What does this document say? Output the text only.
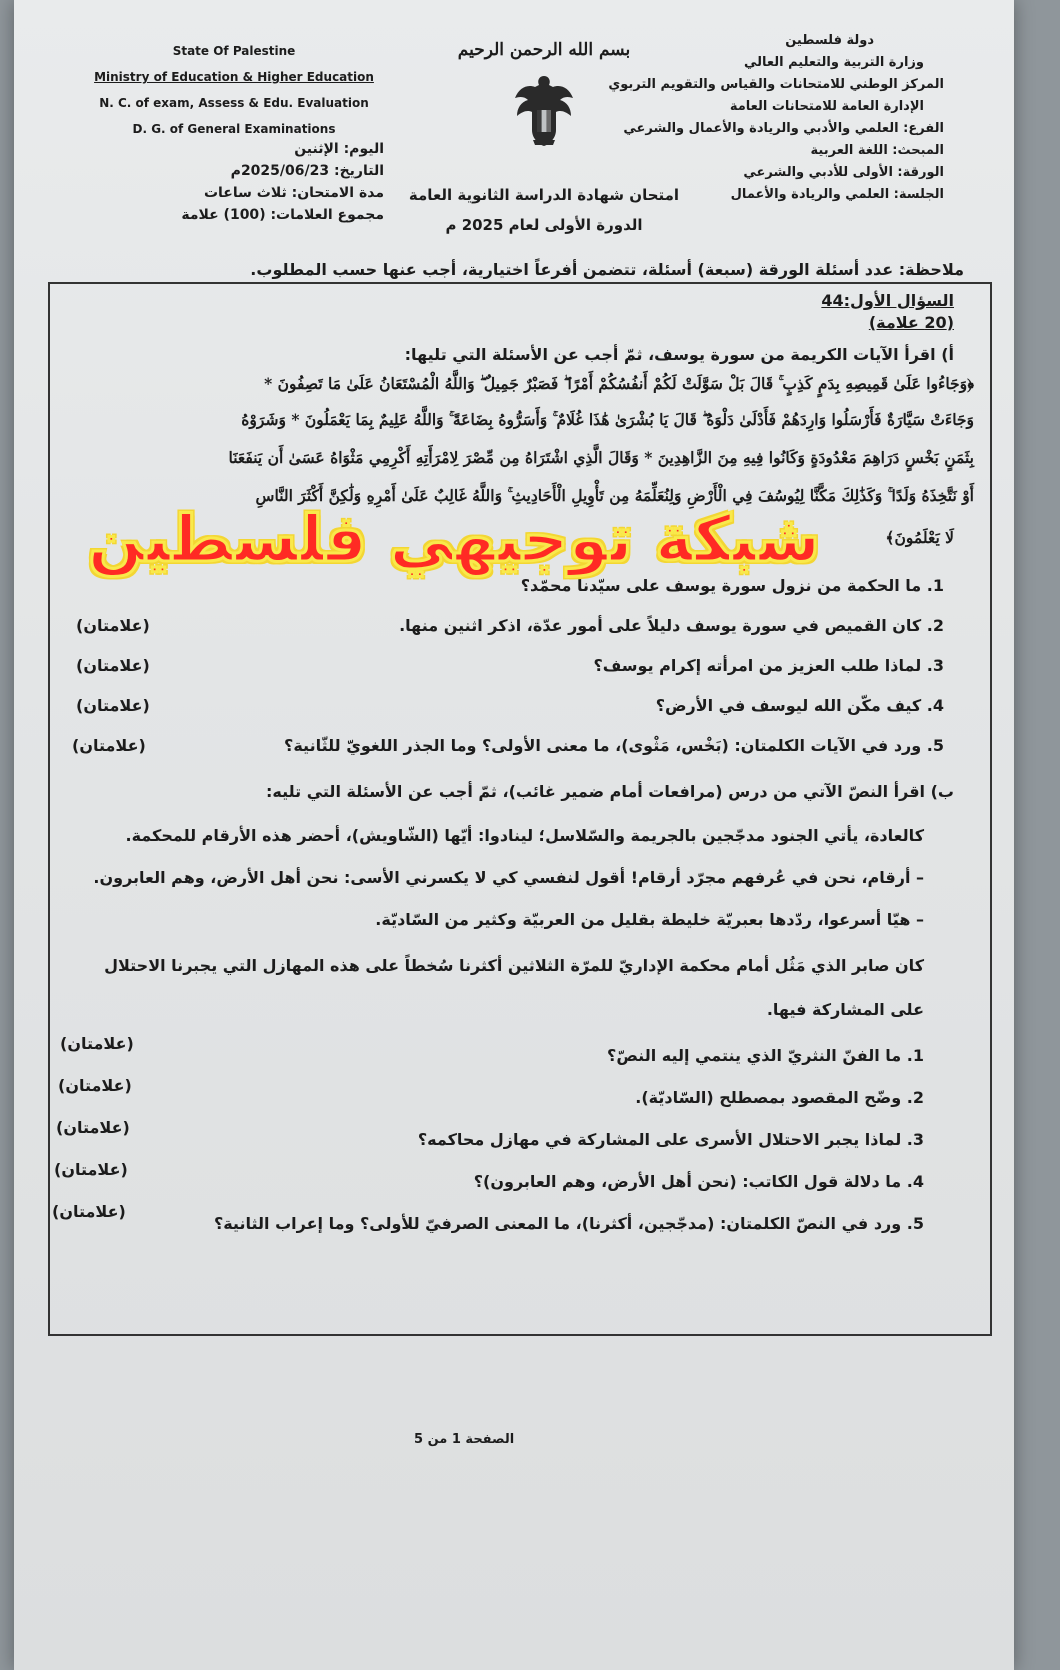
State Of Palestine
Ministry of Education & Higher Education
N. C. of exam, Assess & Edu. Evaluation
D. G. of General Examinations
بسم الله الرحمن الرحيم	دولة فلسطين
وزارة التربية والتعليم العالي
المركز الوطني للامتحانات والقياس والتقويم التربوي
الإدارة العامة للامتحانات العامة
الفرع: العلمي والأدبي والريادة والأعمال والشرعي
المبحث: اللغة العربية
الورقة: الأولى للأدبي والشرعي
الجلسة: العلمي والريادة والأعمال
امتحان شهادة الدراسة الثانوية العامة
الدورة الأولى لعام 2025 م
اليوم: الإثنين
التاريخ: 2025/06/23م
مدة الامتحان: ثلاث ساعات
مجموع العلامات: (100) علامة
ملاحظة: عدد أسئلة الورقة (سبعة) أسئلة، تتضمن أفرعاً اختيارية، أجب عنها حسب المطلوب.
السؤال الأول:44
(20 علامة)
أ) اقرأ الآيات الكريمة من سورة يوسف، ثمّ أجب عن الأسئلة التي تليها:
﴿وَجَاءُوا عَلَىٰ قَمِيصِهِ بِدَمٍ كَذِبٍ ۚ قَالَ بَلْ سَوَّلَتْ لَكُمْ أَنفُسُكُمْ أَمْرًا ۖ فَصَبْرٌ جَمِيلٌ ۖ وَاللَّهُ الْمُسْتَعَانُ عَلَىٰ مَا تَصِفُونَ *
وَجَاءَتْ سَيَّارَةٌ فَأَرْسَلُوا وَارِدَهُمْ فَأَدْلَىٰ دَلْوَهُ ۖ قَالَ يَا بُشْرَىٰ هَٰذَا غُلَامٌ ۚ وَأَسَرُّوهُ بِضَاعَةً ۚ وَاللَّهُ عَلِيمٌ بِمَا يَعْمَلُونَ * وَشَرَوْهُ
بِثَمَنٍ بَخْسٍ دَرَاهِمَ مَعْدُودَةٍ وَكَانُوا فِيهِ مِنَ الزَّاهِدِينَ * وَقَالَ الَّذِي اشْتَرَاهُ مِن مِّصْرَ لِامْرَأَتِهِ أَكْرِمِي مَثْوَاهُ عَسَىٰ أَن يَنفَعَنَا
أَوْ نَتَّخِذَهُ وَلَدًا ۚ وَكَذَٰلِكَ مَكَّنَّا لِيُوسُفَ فِي الْأَرْضِ وَلِنُعَلِّمَهُ مِن تَأْوِيلِ الْأَحَادِيثِ ۚ وَاللَّهُ غَالِبٌ عَلَىٰ أَمْرِهِ وَلَٰكِنَّ أَكْثَرَ النَّاسِ
لَا يَعْلَمُونَ﴾
1. ما الحكمة من نزول سورة يوسف على سيّدنا محمّد؟
2. كان القميص في سورة يوسف دليلاً على أمور عدّة، اذكر اثنين منها.
(علامتان)
3. لماذا طلب العزيز من امرأته إكرام يوسف؟
(علامتان)
4. كيف مكّن الله ليوسف في الأرض؟
(علامتان)
5. ورد في الآيات الكلمتان: (بَخْس، مَثْوى)، ما معنى الأولى؟ وما الجذر اللغويّ للثّانية؟
(علامتان)
ب) اقرأ النصّ الآتي من درس (مرافعات أمام ضمير غائب)، ثمّ أجب عن الأسئلة التي تليه:
كالعادة، يأتي الجنود مدجّجين بالجريمة والسّلاسل؛ لينادوا: أيّها (الشّاويش)، أحضر هذه الأرقام للمحكمة.
– أرقام، نحن في عُرفهم مجرّد أرقام! أقول لنفسي كي لا يكسرني الأسى: نحن أهل الأرض، وهم العابرون.
– هيّا أسرعوا، ردّدها بعبريّة خليطة بقليل من العربيّة وكثير من السّاديّة.
كان صابر الذي مَثُل أمام محكمة الإداريّ للمرّة الثلاثين أكثرنا سُخطاً على هذه المهازل التي يجبرنا الاحتلال
على المشاركة فيها.
1. ما الفنّ النثريّ الذي ينتمي إليه النصّ؟
(علامتان)
2. وضّح المقصود بمصطلح (السّاديّة).
(علامتان)
3. لماذا يجبر الاحتلال الأسرى على المشاركة في مهازل محاكمه؟
(علامتان)
4. ما دلالة قول الكاتب: (نحن أهل الأرض، وهم العابرون)؟
(علامتان)
5. ورد في النصّ الكلمتان: (مدجّجين، أكثرنا)، ما المعنى الصرفيّ للأولى؟ وما إعراب الثانية؟
(علامتان)
الصفحة 1 من 5
شبكة توجيهي فلسطين
